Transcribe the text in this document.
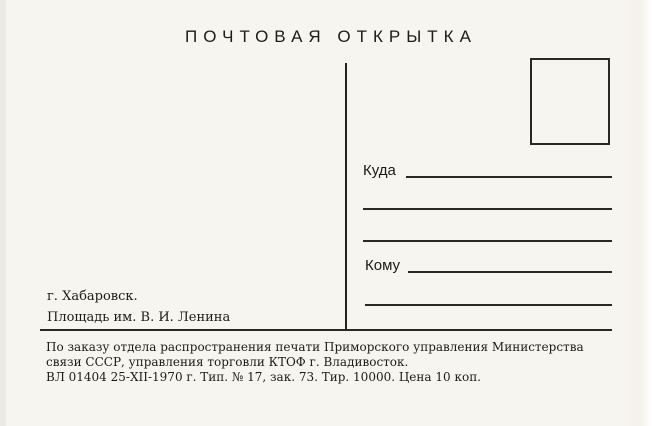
ПОЧТОВАЯ ОТКРЫТКА
Куда
Кому
г. Хабаровск.
Площадь им. В. И. Ленина
По заказу отдела распространения печати Приморского управления Министерства
связи СССР, управления торговли КТОФ г. Владивосток.
ВЛ 01404 25-XII-1970 г. Тип. № 17, зак. 73. Тир. 10000. Цена 10 коп.
